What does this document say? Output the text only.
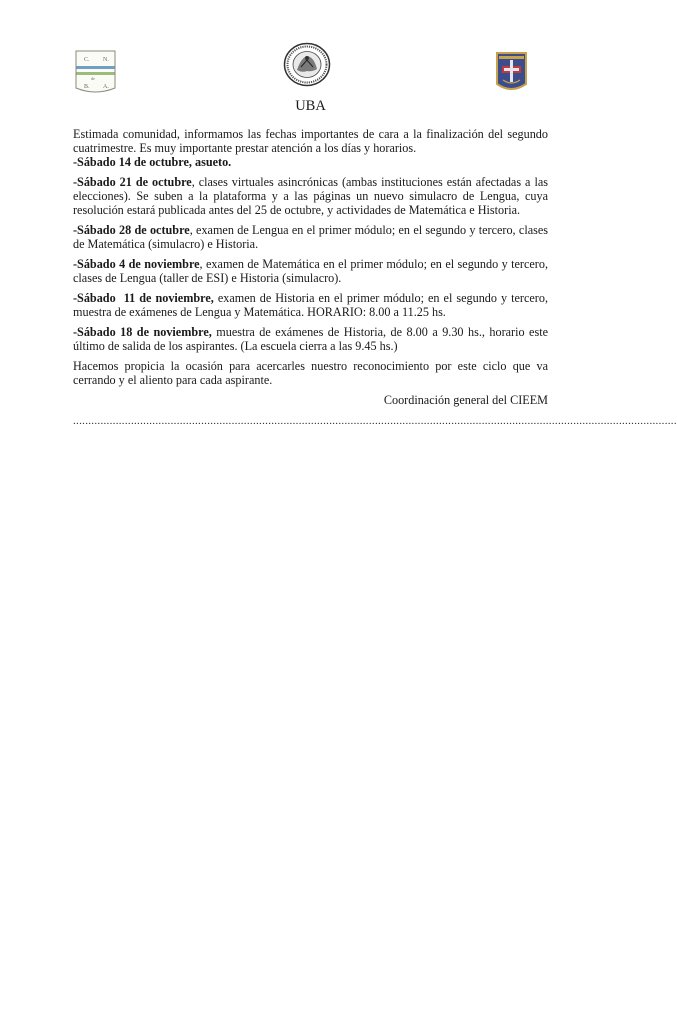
C. N.
de
B. A.
UBA

Estimada comunidad, informamos las fechas importantes de cara a la finalización del segundo cuatrimestre. Es muy importante prestar atención a los días y horarios.
-Sábado 14 de octubre, asueto.

-Sábado 21 de octubre, clases virtuales asincrónicas (ambas instituciones están afectadas a las elecciones). Se suben a la plataforma y a las páginas un nuevo simulacro de Lengua, cuya resolución estará publicada antes del 25 de octubre, y actividades de Matemática e Historia.

-Sábado 28 de octubre, examen de Lengua en el primer módulo; en el segundo y tercero, clases de Matemática (simulacro) e Historia.

-Sábado 4 de noviembre, examen de Matemática en el primer módulo; en el segundo y tercero, clases de Lengua (taller de ESI) e Historia (simulacro).

-Sábado  11 de noviembre, examen de Historia en el primer módulo; en el segundo y tercero, muestra de exámenes de Lengua y Matemática. HORARIO: 8.00 a 11.25 hs.

-Sábado 18 de noviembre, muestra de exámenes de Historia, de 8.00 a 9.30 hs., horario este último de salida de los aspirantes. (La escuela cierra a las 9.45 hs.)

Hacemos propicia la ocasión para acercarles nuestro reconocimiento por este ciclo que va cerrando y el aliento para cada aspirante.

Coordinación general del CIEEM

......................................................................................................................................................................................................
